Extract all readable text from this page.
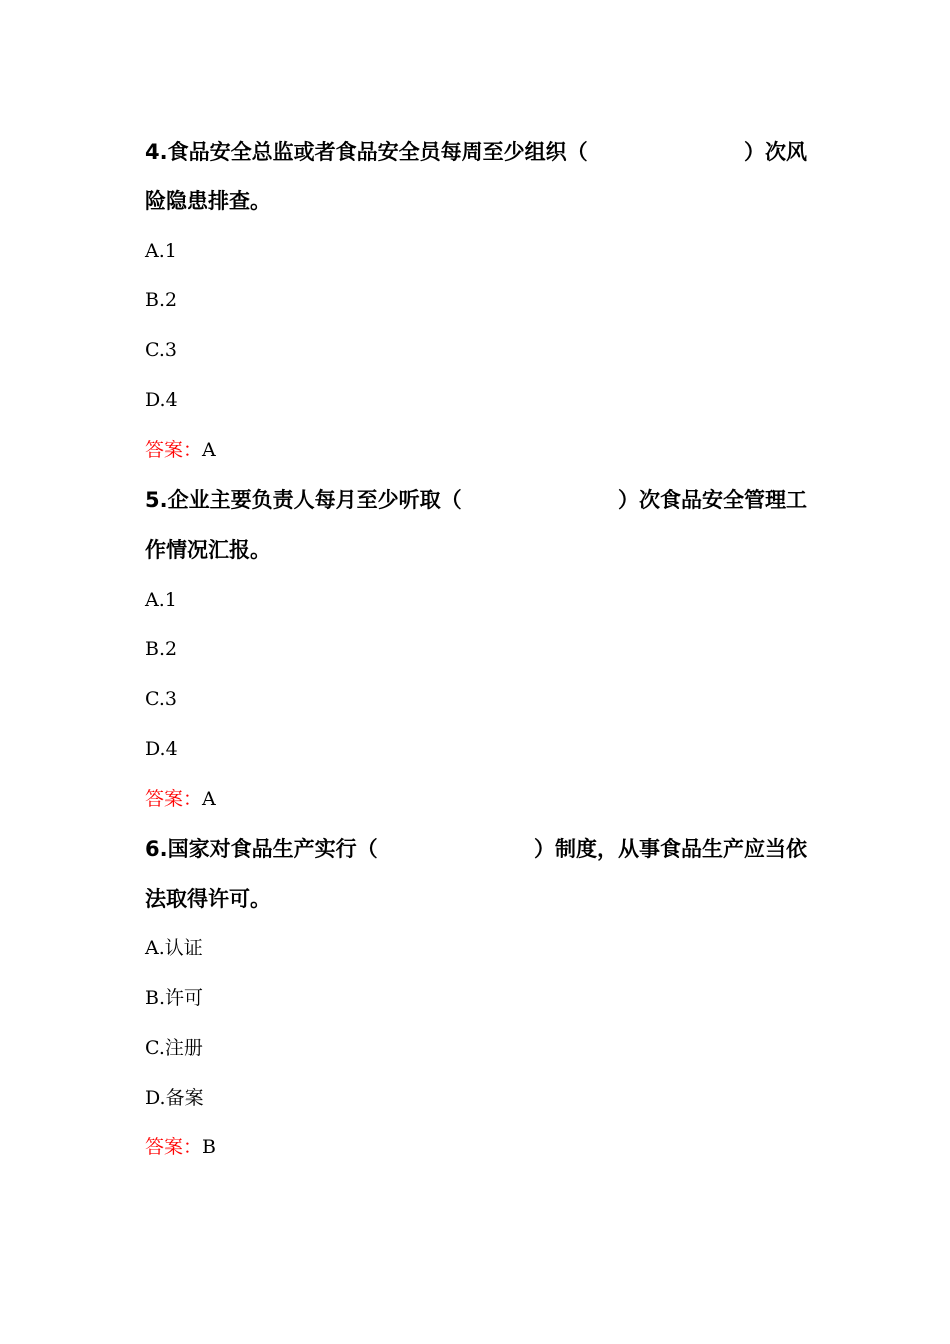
4.食品安全总监或者食品安全员每周至少组织（	）次风
险隐患排查。
A.1
B.2
C.3
D.4
答案：A
5.企业主要负责人每月至少听取（	）次食品安全管理工
作情况汇报。
A.1
B.2
C.3
D.4
答案：A
6.国家对食品生产实行（	）制度，从事食品生产应当依
法取得许可。
A.认证
B.许可
C.注册
D.备案
答案：B
